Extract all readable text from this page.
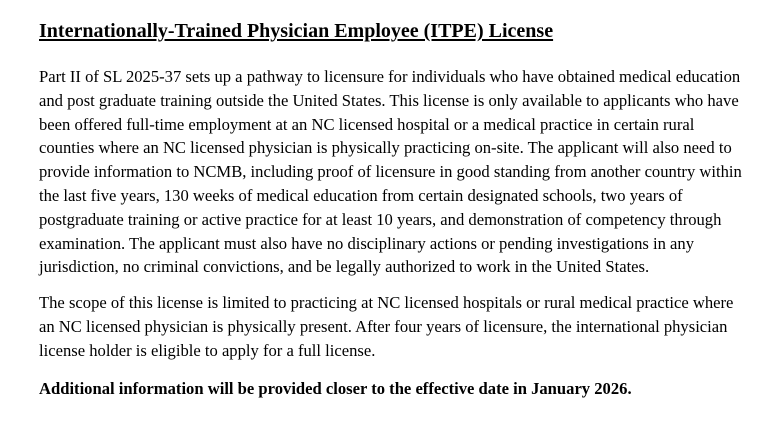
Internationally-Trained Physician Employee (ITPE) License

Part II of SL 2025-37 sets up a pathway to licensure for individuals who have obtained medical education and post graduate training outside the United States. This license is only available to applicants who have been offered full-time employment at an NC licensed hospital or a medical practice in certain rural counties where an NC licensed physician is physically practicing on-site. The applicant will also need to provide information to NCMB, including proof of licensure in good standing from another country within the last five years, 130 weeks of medical education from certain designated schools, two years of postgraduate training or active practice for at least 10 years, and demonstration of competency through examination. The applicant must also have no disciplinary actions or pending investigations in any jurisdiction, no criminal convictions, and be legally authorized to work in the United States.

The scope of this license is limited to practicing at NC licensed hospitals or rural medical practice where an NC licensed physician is physically present. After four years of licensure, the international physician license holder is eligible to apply for a full license.

Additional information will be provided closer to the effective date in January 2026.
